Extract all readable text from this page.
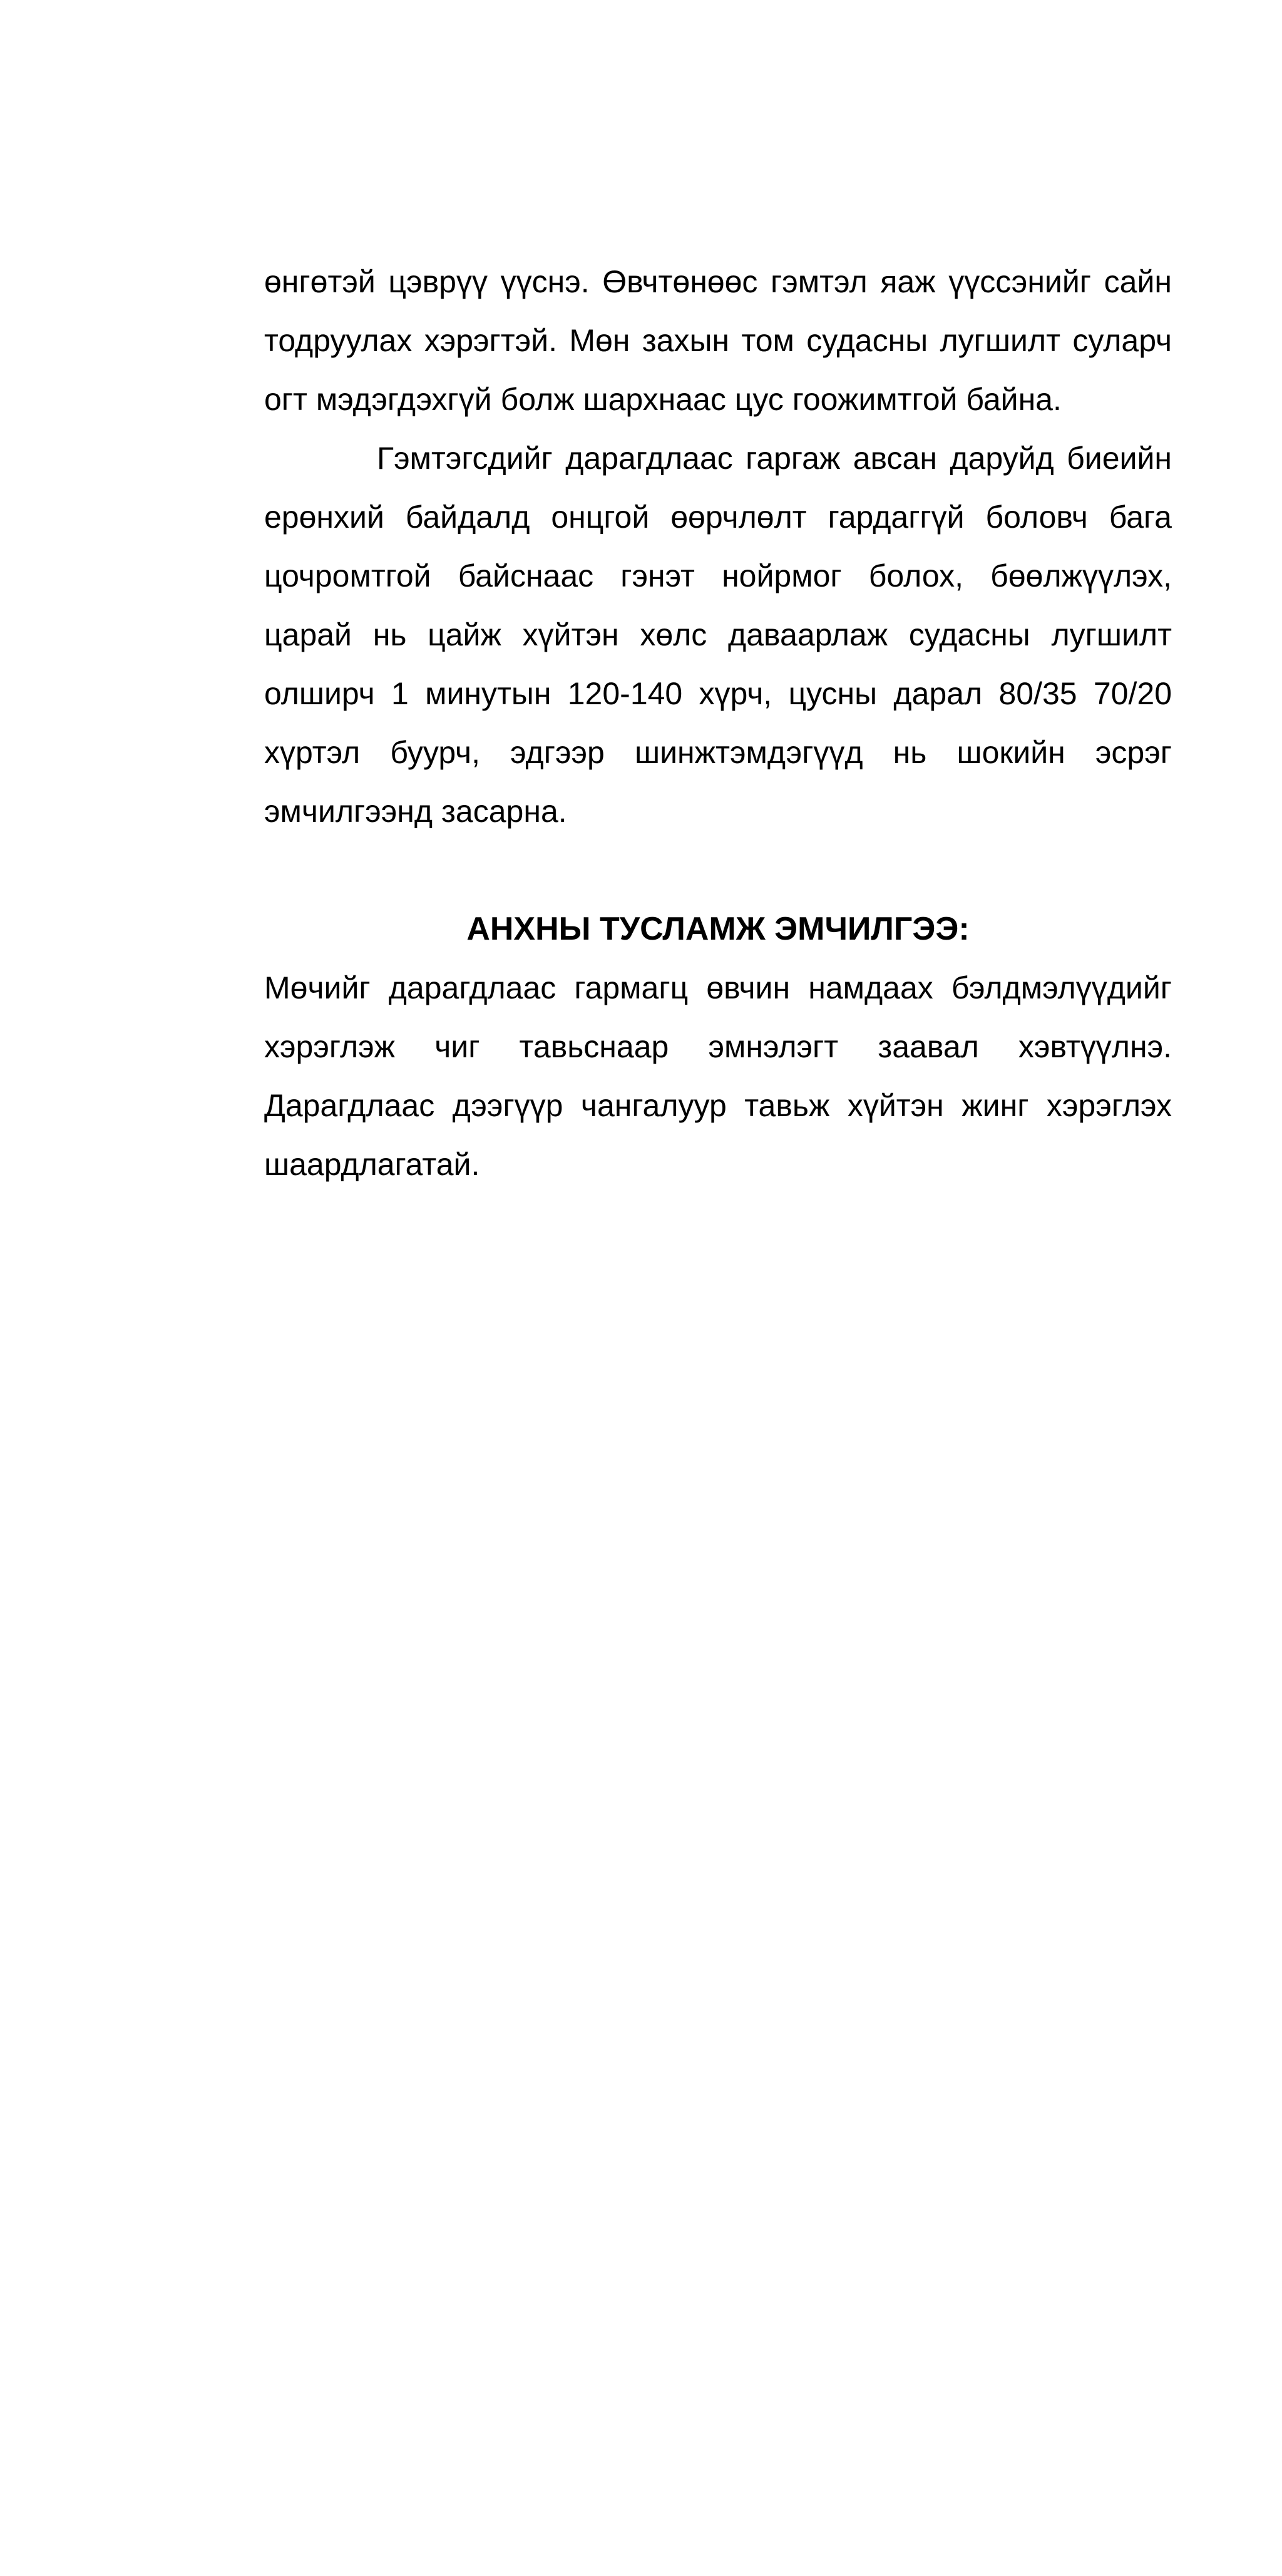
өнгөтэй цэврүү үүснэ. Өвчтөнөөс гэмтэл яаж үүссэнийг сайн тодруулах хэрэгтэй. Мөн захын том судасны лугшилт суларч огт мэдэгдэхгүй болж шархнаас цус гоожимтгой байна.

Гэмтэгсдийг дарагдлаас гаргаж авсан даруйд биеийн ерөнхий байдалд онцгой өөрчлөлт гардаггүй боловч бага цочромтгой байснаас гэнэт нойрмог болох, бөөлжүүлэх, царай нь цайж хүйтэн хөлс даваарлаж судасны лугшилт олширч 1 минутын 120-140 хүрч, цусны дарал 80/35 70/20 хүртэл буурч, эдгээр шинжтэмдэгүүд нь шокийн эсрэг эмчилгээнд засарна.

АНХНЫ ТУСЛАМЖ ЭМЧИЛГЭЭ:

Мөчийг дарагдлаас гармагц өвчин намдаах бэлдмэлүүдийг хэрэглэж чиг тавьснаар эмнэлэгт заавал хэвтүүлнэ. Дарагдлаас дээгүүр чангалуур тавьж хүйтэн жинг хэрэглэх шаардлагатай.
